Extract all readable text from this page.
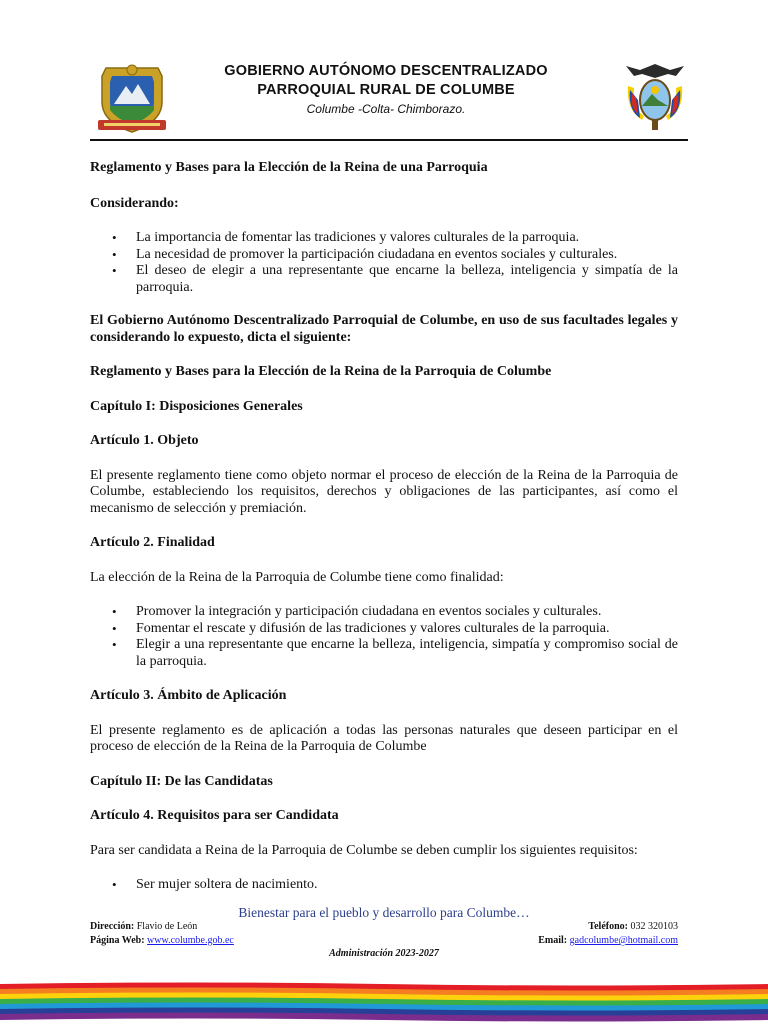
GOBIERNO AUTÓNOMO DESCENTRALIZADO
PARROQUIAL RURAL DE COLUMBE
Columbe -Colta- Chimborazo.

Reglamento y Bases para la Elección de la Reina de una Parroquia

Considerando:

• La importancia de fomentar las tradiciones y valores culturales de la parroquia.
• La necesidad de promover la participación ciudadana en eventos sociales y culturales.
• El deseo de elegir a una representante que encarne la belleza, inteligencia y simpatía de la parroquia.

El Gobierno Autónomo Descentralizado Parroquial de Columbe, en uso de sus facultades legales y considerando lo expuesto, dicta el siguiente:

Reglamento y Bases para la Elección de la Reina de la Parroquia de Columbe

Capítulo I: Disposiciones Generales

Artículo 1. Objeto

El presente reglamento tiene como objeto normar el proceso de elección de la Reina de la Parroquia de Columbe, estableciendo los requisitos, derechos y obligaciones de las participantes, así como el mecanismo de selección y premiación.

Artículo 2. Finalidad

La elección de la Reina de la Parroquia de Columbe tiene como finalidad:

• Promover la integración y participación ciudadana en eventos sociales y culturales.
• Fomentar el rescate y difusión de las tradiciones y valores culturales de la parroquia.
• Elegir a una representante que encarne la belleza, inteligencia, simpatía y compromiso social de la parroquia.

Artículo 3. Ámbito de Aplicación

El presente reglamento es de aplicación a todas las personas naturales que deseen participar en el proceso de elección de la Reina de la Parroquia de Columbe

Capítulo II: De las Candidatas

Artículo 4. Requisitos para ser Candidata

Para ser candidata a Reina de la Parroquia de Columbe se deben cumplir los siguientes requisitos:

• Ser mujer soltera de nacimiento.
Bienestar para el pueblo y desarrollo para Columbe…
Dirección: Flavio de León	Teléfono: 032 320103
Página Web: www.columbe.gob.ec	Email: gadcolumbe@hotmail.com
Administración 2023-2027
